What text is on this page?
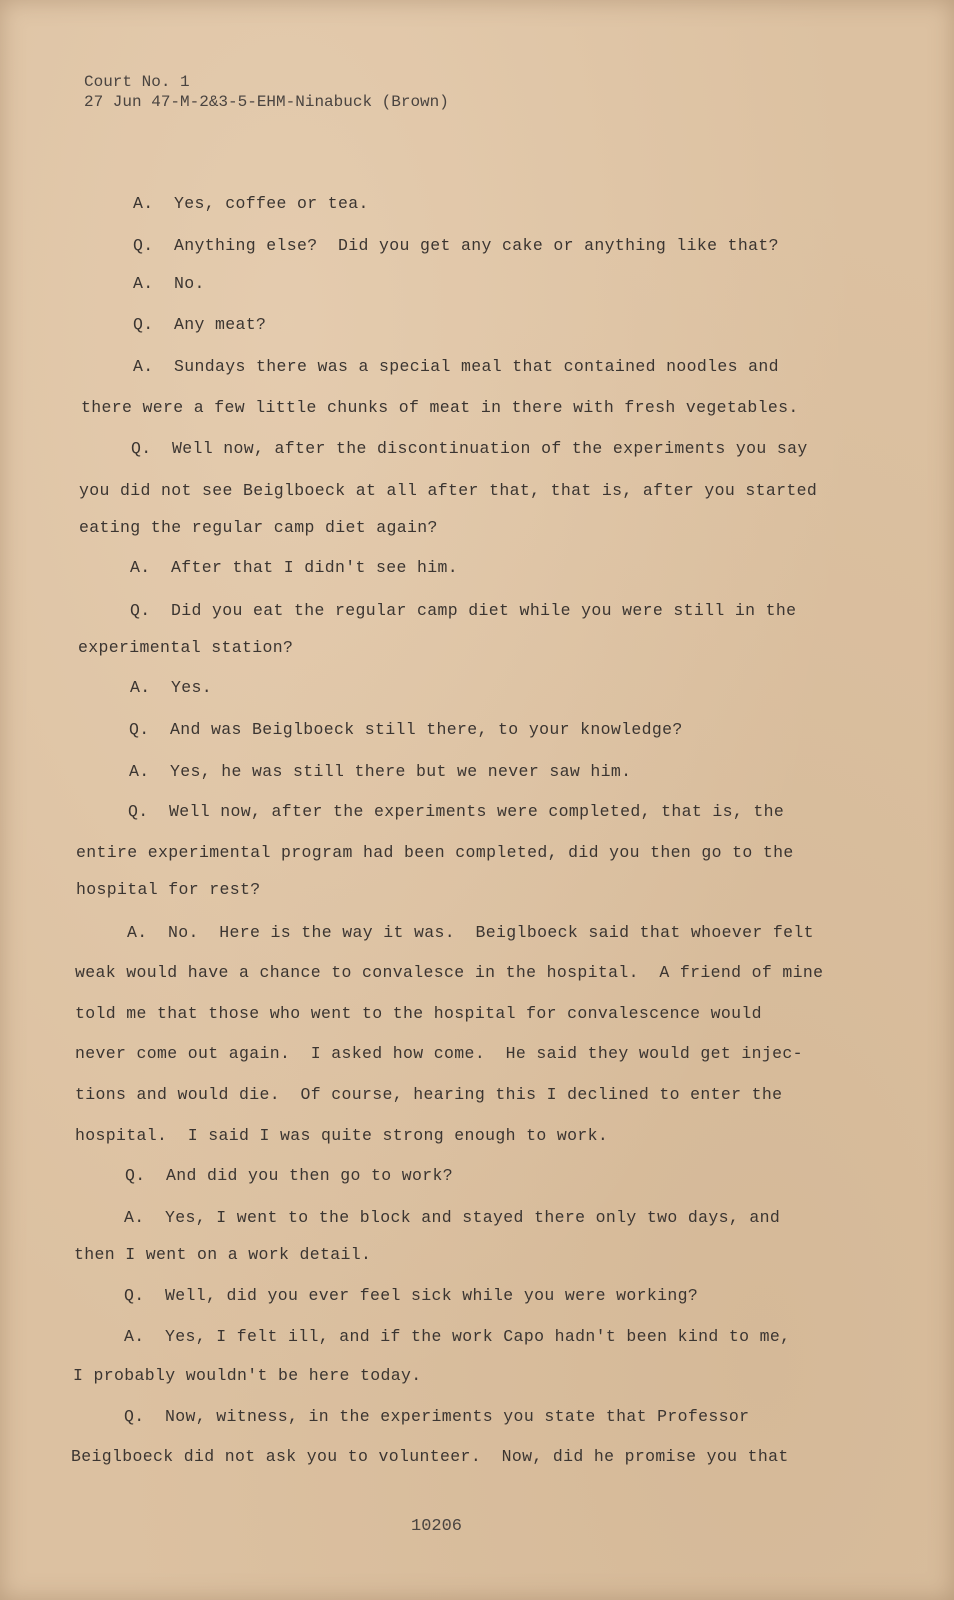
Court No. 1
27 Jun 47-M-2&3-5-EHM-Ninabuck (Brown)
A.  Yes, coffee or tea.
Q.  Anything else?  Did you get any cake or anything like that?
A.  No.
Q.  Any meat?
A.  Sundays there was a special meal that contained noodles and
there were a few little chunks of meat in there with fresh vegetables.
Q.  Well now, after the discontinuation of the experiments you say
you did not see Beiglboeck at all after that, that is, after you started
eating the regular camp diet again?
A.  After that I didn't see him.
Q.  Did you eat the regular camp diet while you were still in the
experimental station?
A.  Yes.
Q.  And was Beiglboeck still there, to your knowledge?
A.  Yes, he was still there but we never saw him.
Q.  Well now, after the experiments were completed, that is, the
entire experimental program had been completed, did you then go to the
hospital for rest?
A.  No.  Here is the way it was.  Beiglboeck said that whoever felt
weak would have a chance to convalesce in the hospital.  A friend of mine
told me that those who went to the hospital for convalescence would
never come out again.  I asked how come.  He said they would get injec-
tions and would die.  Of course, hearing this I declined to enter the
hospital.  I said I was quite strong enough to work.
Q.  And did you then go to work?
A.  Yes, I went to the block and stayed there only two days, and
then I went on a work detail.
Q.  Well, did you ever feel sick while you were working?
A.  Yes, I felt ill, and if the work Capo hadn't been kind to me,
I probably wouldn't be here today.
Q.  Now, witness, in the experiments you state that Professor
Beiglboeck did not ask you to volunteer.  Now, did he promise you that
10206
